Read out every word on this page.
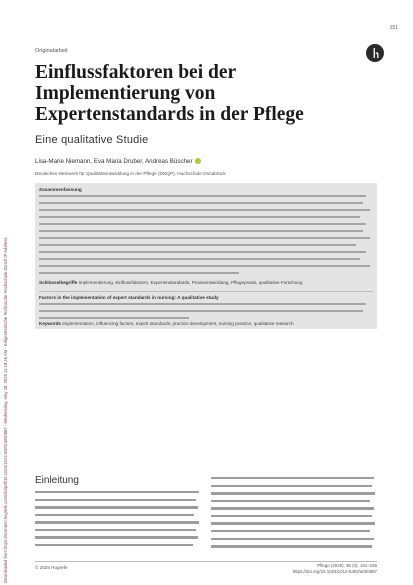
Downloaded from https://econtent.hogrefe.com/doi/pdf/10.1024/1012-5302/a000887 - Wednesday, May 28, 2025 11:18:46 AM - Eidgenössische Technische Hochschule Zürich IP Address
151
Originalarbeit
Einflussfaktoren bei der Implementierung von Expertenstandards in der Pflege
Eine qualitative Studie
Lisa-Marie Niemann, Eva Maria Druber, Andreas Büscher
Deutsches Netzwerk für Qualitätsentwicklung in der Pflege (DNQP), Hochschule Osnabrück
Zusammenfassung
Schlüsselbegriffe Implementierung, Einflussfaktoren, Expertenstandards, Praxisentwicklung, Pflegepraxis, qualitative Forschung
Factors in the implementation of expert standards in nursing: A qualitative study
Keywords Implementation, influencing factors, expert standards, practice development, nursing practice, qualitative research
Einleitung
© 2025 Hogrefe	Pflege (2025), 38 (3), 151–158
https://doi.org/10.1024/1012-5302/a000887
